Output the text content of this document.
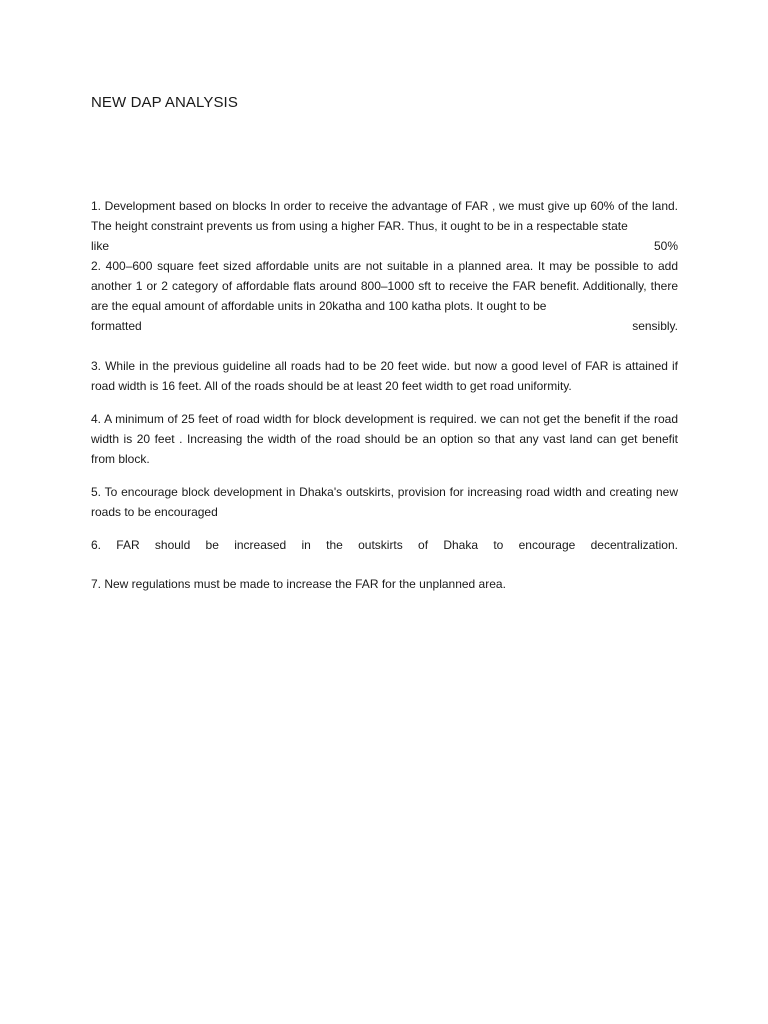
NEW DAP ANALYSIS
1. Development based on blocks In order to receive the advantage of FAR , we must give up 60% of the land. The height constraint prevents us from using a higher FAR. Thus, it ought to be in a respectable state
like	50%
2. 400–600 square feet sized affordable units are not suitable in a planned area. It may be possible to add another 1 or 2 category of affordable flats around 800–1000 sft to receive the FAR benefit. Additionally, there are the equal amount of affordable units in 20katha and 100 katha plots. It ought to be
formatted	sensibly.

3. While in the previous guideline all roads had to be 20 feet wide. but now a good level of FAR is attained if road width is 16 feet. All of the roads should be at least 20 feet width to get road uniformity.

4. A minimum of 25 feet of road width for block development is required. we can not get the benefit if the road width is 20 feet . Increasing the width of the road should be an option so that any vast land can get benefit from block.

5. To encourage block development in Dhaka's outskirts, provision for increasing road width and creating new roads to be encouraged

6. FAR should be increased in the outskirts of Dhaka to encourage decentralization.

7. New regulations must be made to increase the FAR for the unplanned area.
